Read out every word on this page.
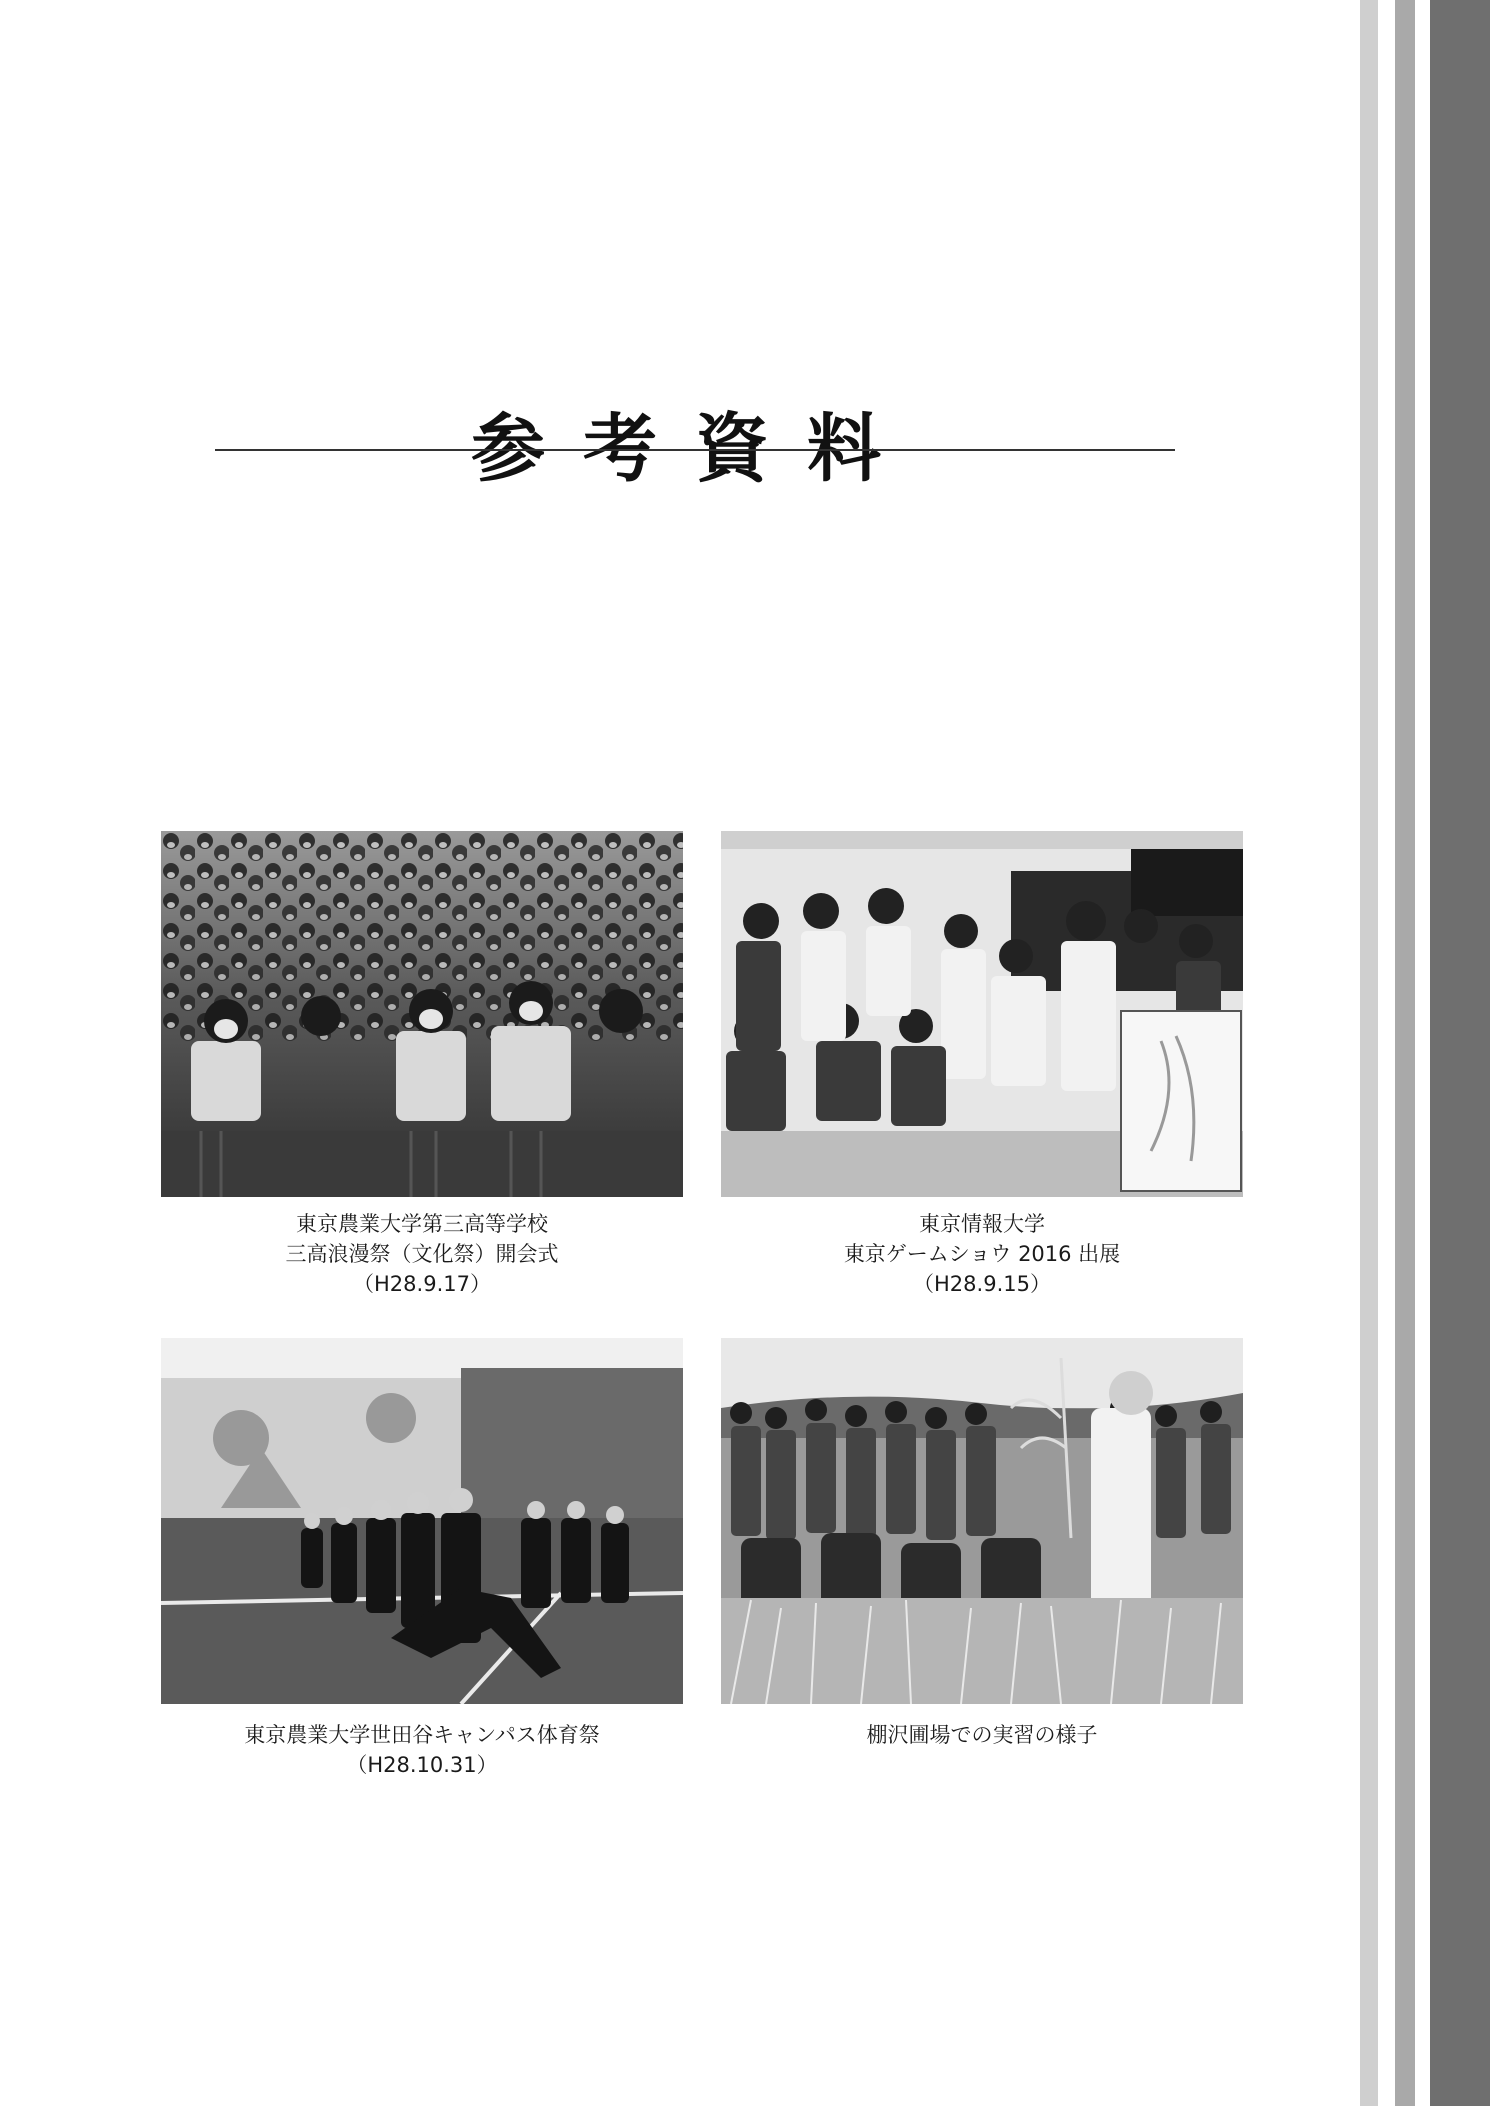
参考資料
東京農業大学第三高等学校
三高浪漫祭（文化祭）開会式
（H28.9.17）
東京情報大学
東京ゲームショウ 2016 出展
（H28.9.15）
東京農業大学世田谷キャンパス体育祭
（H28.10.31）
棚沢圃場での実習の様子
